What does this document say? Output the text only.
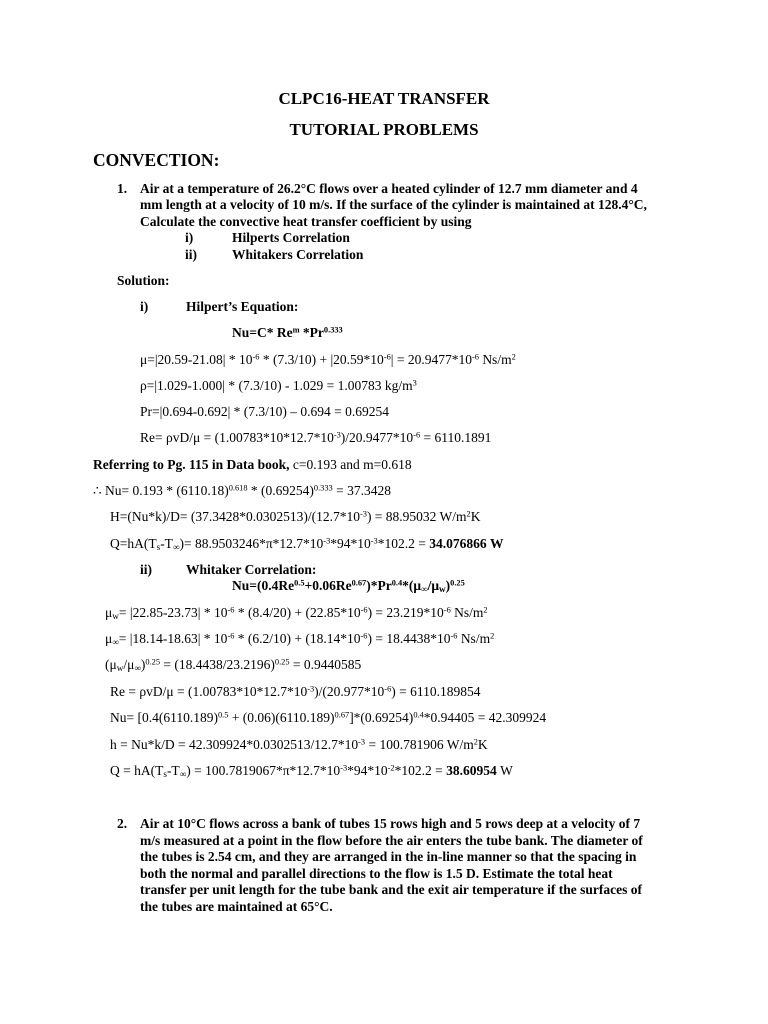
CLPC16-HEAT TRANSFER
TUTORIAL PROBLEMS
CONVECTION:
1. Air at a temperature of 26.2°C flows over a heated cylinder of 12.7 mm diameter and 4
mm length at a velocity of 10 m/s. If the surface of the cylinder is maintained at 128.4°C,
Calculate the convective heat transfer coefficient by using
i)	Hilperts Correlation
ii)	Whitakers Correlation
Solution:
i)	Hilpert’s Equation:
Nu=C* Re$^m$ $*Pr^{0.333}$
$\mu=|20.59-21.08| * 10^{-6} * (7.3/10) + |20.59*10^{-6}| = 20.9477*10^{-6}$ $Ns/m^2$
ρ=|1.029-1.000| * (7.3/10) - 1.029 = 1.00783 $kg/m^3$
Pr=|0.694-0.692| * (7.3/10) – 0.694 = 0.69254
$Re= \rho vD/\mu = (1.00783*10*12.7*10^{-3})/20.9477*10^{-6} = 6110.1891$
Referring to Pg. 115 in Data book, c=0.193 and m=0.618
∴ $Nu= 0.193 * (6110.18)^{0.618} * (0.69254)^{0.333} = 37.3428$
$H=(Nu*k)/D= (37.3428*0.0302513)/(12.7*10^{-3}) = 88.95032$ $W/m^2K$
$Q=hA(T_s-T_\infty)= 88.9503246*\pi*12.7*10^{-3}*94*10^{-3}*102.2 = 34.076866$ W
ii)	Whitaker Correlation:
$Nu=(0.4Re^{0.5}+0.06Re^{0.67})*Pr^{0.4}*(\mu_\infty/\mu_w)^{0.25}$
$\mu_w= |22.85-23.73| * 10^{-6} * (8.4/20) + (22.85*10^{-6}) = 23.219*10^{-6}$ $Ns/m^2$
$\mu_\infty= |18.14-18.63| * 10^{-6} * (6.2/10) + (18.14*10^{-6}) = 18.4438*10^{-6}$ $Ns/m^2$
$(\mu_w/\mu_\infty)^{0.25} = (18.4438/23.2196)^{0.25} = 0.9440585$
$Re = \rho vD/\mu = (1.00783*10*12.7*10^{-3})/(20.977*10^{-6}) = 6110.189854$
$Nu= [0.4(6110.189)^{0.5} + (0.06)(6110.189)^{0.67}]*(0.69254)^{0.4}*0.94405 = 42.309924$
$h = Nu*k/D = 42.309924*0.0302513/12.7*10^{-3} = 100.781906$ $W/m^2K$
$Q = hA(T_s-T_\infty) = 100.7819067*\pi*12.7*10^{-3}*94*10^{-2}*102.2 = 38.60954$ W
2. Air at 10°C flows across a bank of tubes 15 rows high and 5 rows deep at a velocity of 7
m/s measured at a point in the flow before the air enters the tube bank. The diameter of
the tubes is 2.54 cm, and they are arranged in the in-line manner so that the spacing in
both the normal and parallel directions to the flow is 1.5 D. Estimate the total heat
transfer per unit length for the tube bank and the exit air temperature if the surfaces of
the tubes are maintained at 65°C.
